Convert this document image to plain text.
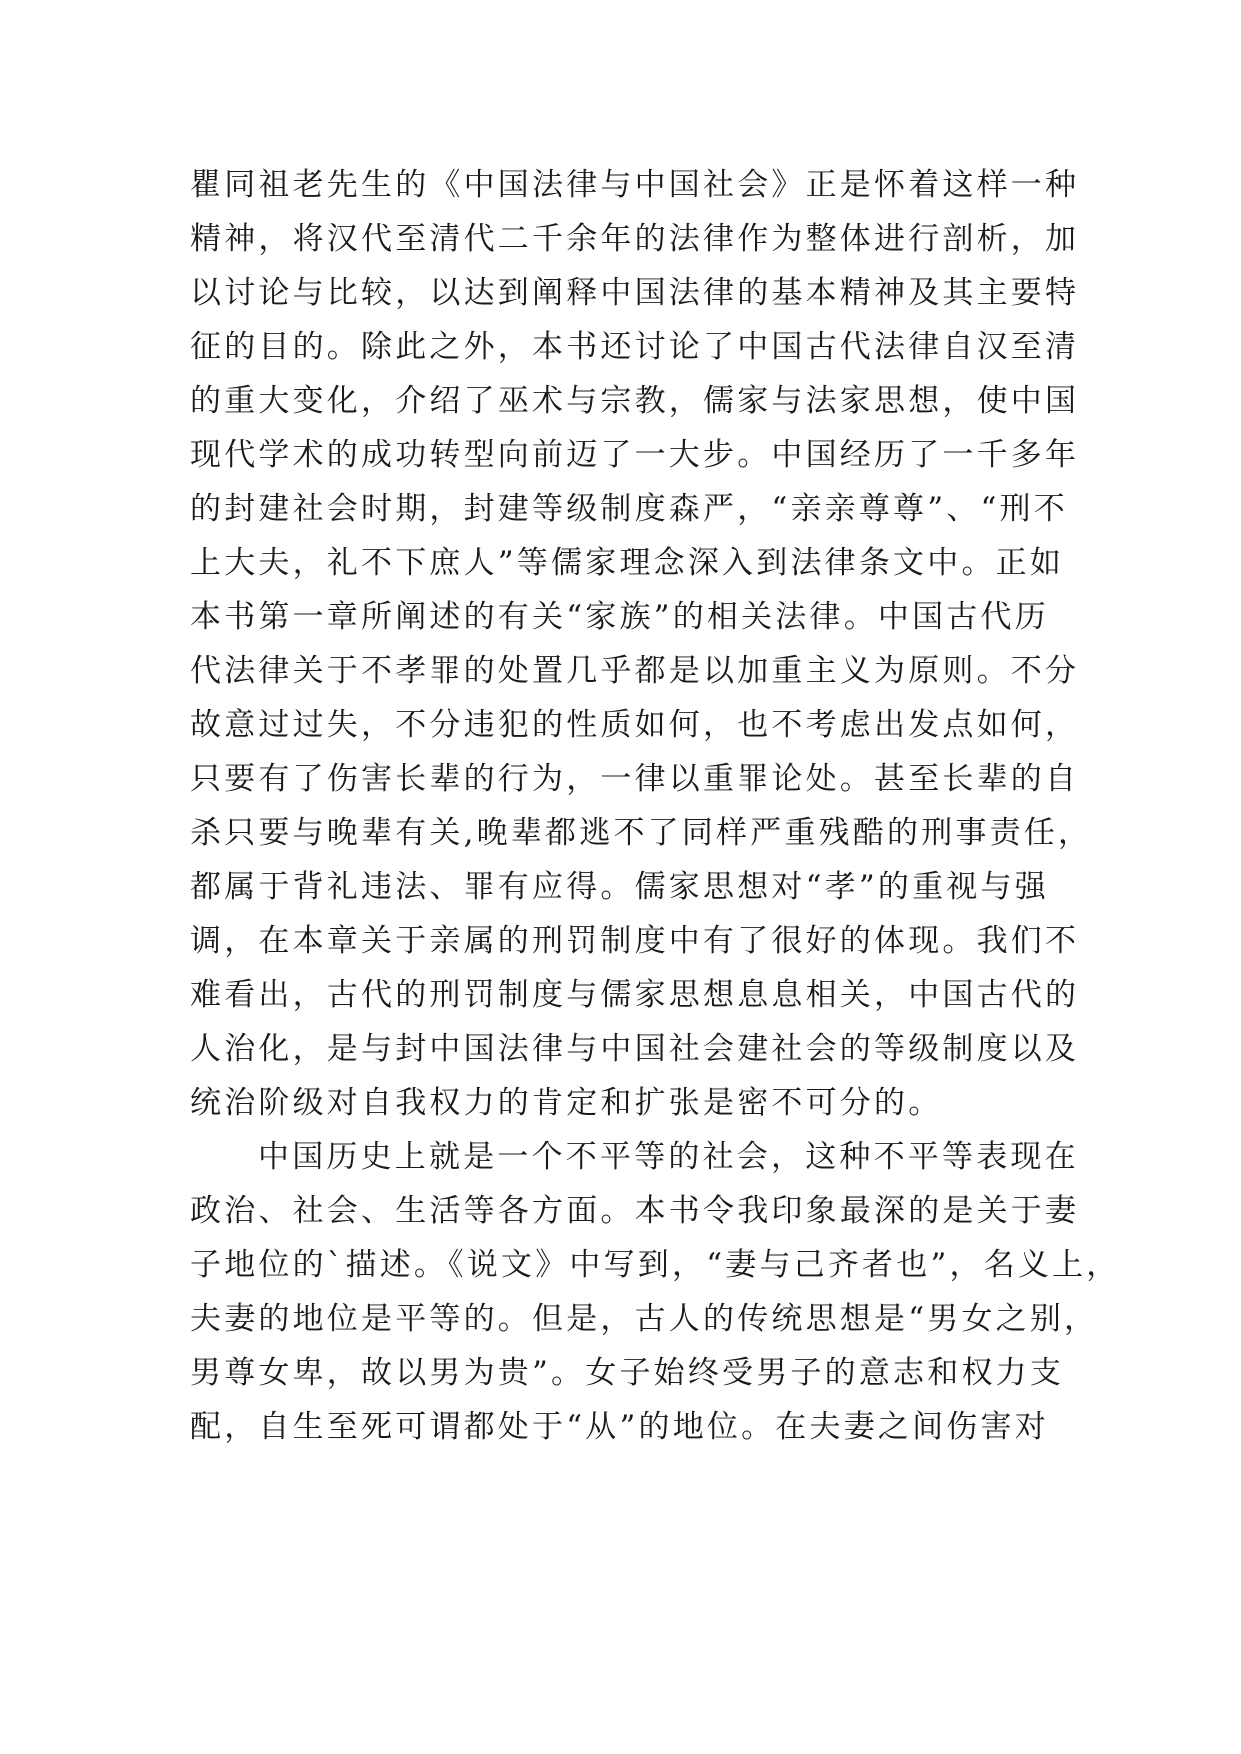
瞿同祖老先生的《中国法律与中国社会》正是怀着这样一种
精神，将汉代至清代二千余年的法律作为整体进行剖析，加
以讨论与比较，以达到阐释中国法律的基本精神及其主要特
征的目的。除此之外，本书还讨论了中国古代法律自汉至清
的重大变化，介绍了巫术与宗教，儒家与法家思想，使中国
现代学术的成功转型向前迈了一大步。中国经历了一千多年
的封建社会时期，封建等级制度森严，“亲亲尊尊”、“刑不
上大夫，礼不下庶人”等儒家理念深入到法律条文中。正如
本书第一章所阐述的有关“家族”的相关法律。中国古代历
代法律关于不孝罪的处置几乎都是以加重主义为原则。不分
故意过过失，不分违犯的性质如何，也不考虑出发点如何，
只要有了伤害长辈的行为，一律以重罪论处。甚至长辈的自
杀只要与晚辈有关,晚辈都逃不了同样严重残酷的刑事责任，
都属于背礼违法、罪有应得。儒家思想对“孝”的重视与强
调，在本章关于亲属的刑罚制度中有了很好的体现。我们不
难看出，古代的刑罚制度与儒家思想息息相关，中国古代的
人治化，是与封中国法律与中国社会建社会的等级制度以及
统治阶级对自我权力的肯定和扩张是密不可分的。
中国历史上就是一个不平等的社会，这种不平等表现在
政治、社会、生活等各方面。本书令我印象最深的是关于妻
子地位的`描述。《说文》中写到，“妻与己齐者也”，名义上，
夫妻的地位是平等的。但是，古人的传统思想是“男女之别，
男尊女卑，故以男为贵”。女子始终受男子的意志和权力支
配，自生至死可谓都处于“从”的地位。在夫妻之间伤害对
